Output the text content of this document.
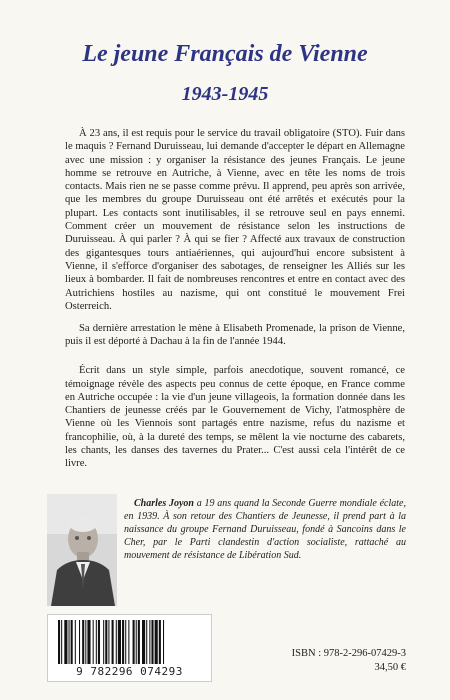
Le jeune Français de Vienne
1943-1945

À 23 ans, il est requis pour le service du travail obligatoire (STO). Fuir dans le maquis ? Fernand Duruisseau, lui demande d'accepter le départ en Allemagne avec une mission : y organiser la résistance des jeunes Français. Le jeune homme se retrouve en Autriche, à Vienne, avec en tête les noms de trois contacts. Mais rien ne se passe comme prévu. Il apprend, peu après son arrivée, que les membres du groupe Duruisseau ont été arrêtés et exécutés pour la plupart. Les contacts sont inutilisables, il se retrouve seul en pays ennemi. Comment créer un mouvement de résistance selon les instructions de Duruisseau. À qui parler ? À qui se fier ? Affecté aux travaux de construction des gigantesques tours antiaériennes, qui aujourd'hui encore subsistent à Vienne, il s'efforce d'organiser des sabotages, de renseigner les Alliés sur les lieux à bombarder. Il fait de nombreuses rencontres et entre en contact avec des Autrichiens hostiles au nazisme, qui ont constitué le mouvement Frei Osterreich.

Sa dernière arrestation le mène à Elisabeth Promenade, la prison de Vienne, puis il est déporté à Dachau à la fin de l'année 1944.

Écrit dans un style simple, parfois anecdotique, souvent romancé, ce témoignage révèle des aspects peu connus de cette époque, en France comme en Autriche occupée : la vie d'un jeune villageois, la formation donnée dans les Chantiers de jeunesse créés par le Gouvernement de Vichy, l'atmosphère de Vienne où les Viennois sont partagés entre nazisme, refus du nazisme et francophilie, où, à la dureté des temps, se mêlent la vie nocturne des cabarets, les chants, les danses des tavernes du Prater... C'est aussi cela l'intérêt de ce livre.

Charles Joyon a 19 ans quand la Seconde Guerre mondiale éclate, en 1939. À son retour des Chantiers de Jeunesse, il prend part à la naissance du groupe Fernand Duruisseau, fondé à Sancoins dans le Cher, par le Parti clandestin d'action socialiste, rattaché au mouvement de résistance de Libération Sud.

9 782296 074293
ISBN : 978-2-296-07429-3
34,50 €
